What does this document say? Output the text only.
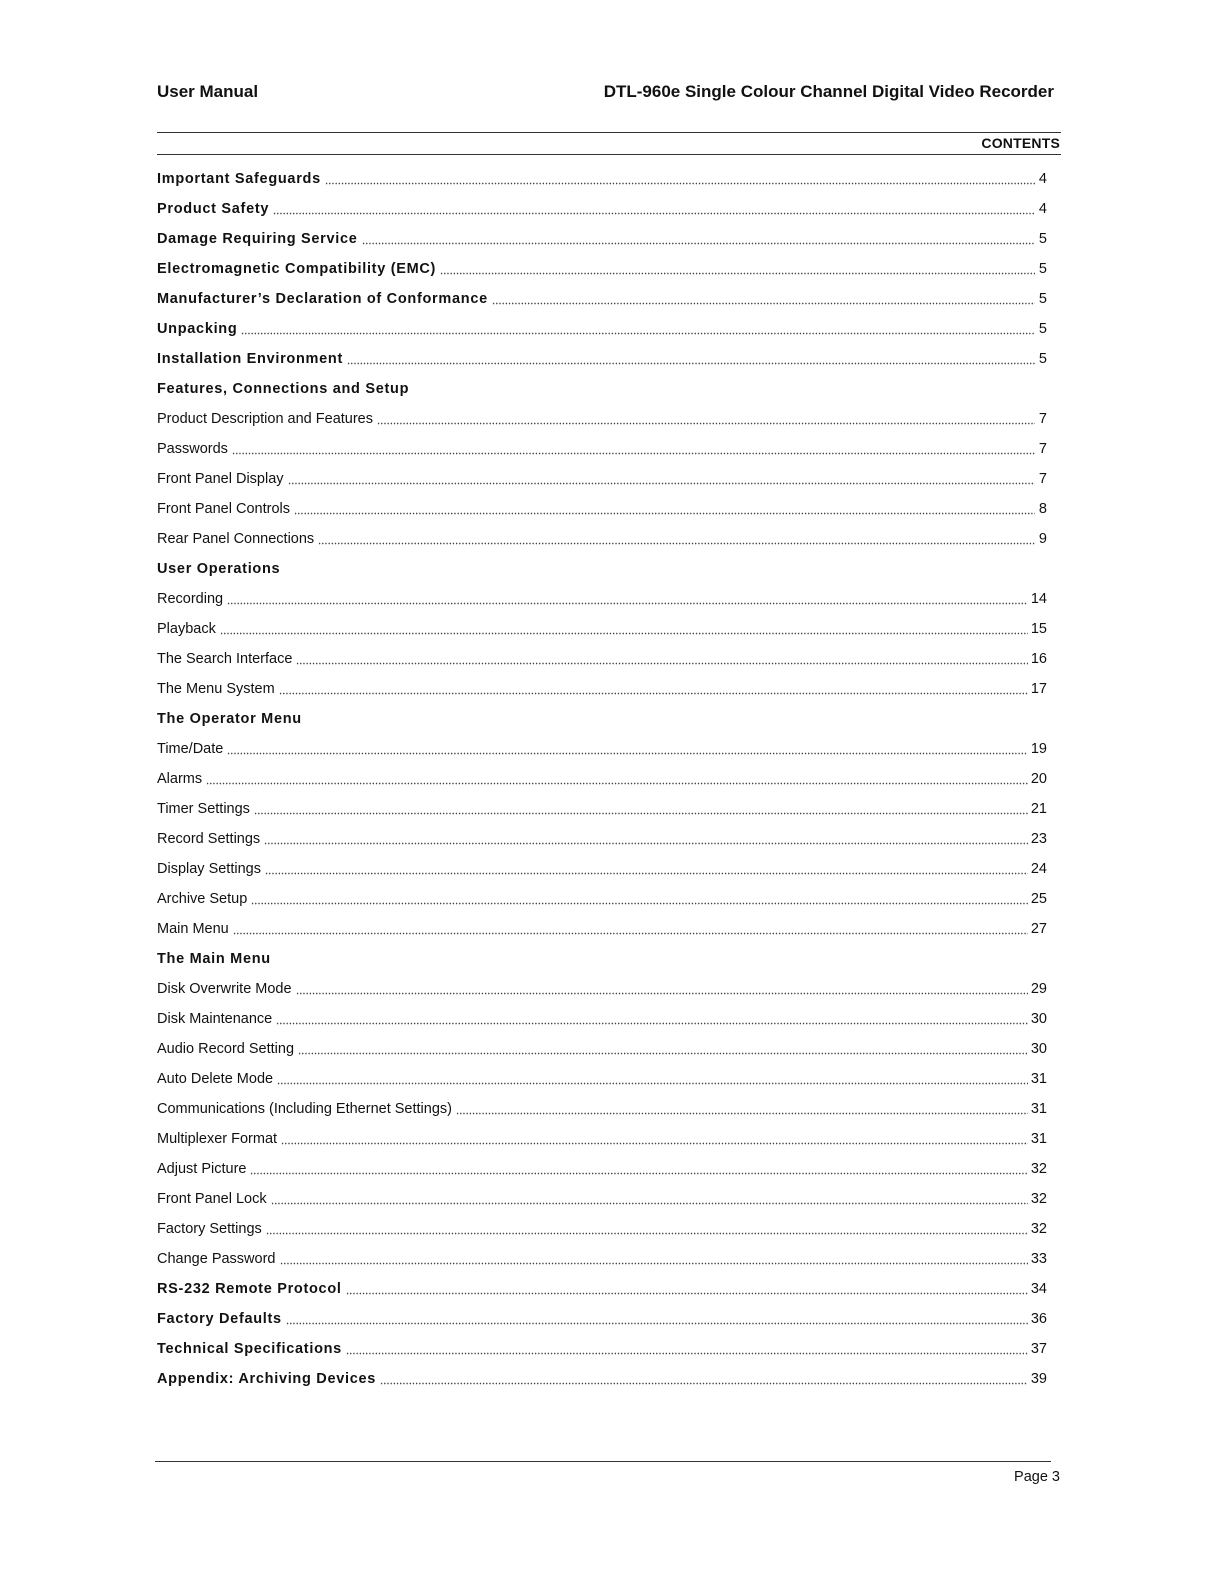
User Manual	DTL-960e Single Colour Channel Digital Video Recorder
CONTENTS
Important Safeguards	4
Product Safety	4
Damage Requiring Service	5
Electromagnetic Compatibility (EMC)	5
Manufacturer’s Declaration of Conformance	5
Unpacking	5
Installation Environment	5
Features, Connections and Setup
Product Description and Features	7
Passwords	7
Front Panel Display	7
Front Panel Controls	8
Rear Panel Connections	9
User Operations
Recording	14
Playback	15
The Search Interface	16
The Menu System	17
The Operator Menu
Time/Date	19
Alarms	20
Timer Settings	21
Record Settings	23
Display Settings	24
Archive Setup	25
Main Menu	27
The Main Menu
Disk Overwrite Mode	29
Disk Maintenance	30
Audio Record Setting	30
Auto Delete Mode	31
Communications (Including Ethernet Settings)	31
Multiplexer Format	31
Adjust Picture	32
Front Panel Lock	32
Factory Settings	32
Change Password	33
RS-232 Remote Protocol	34
Factory Defaults	36
Technical Specifications	37
Appendix: Archiving Devices	39
Page 3
